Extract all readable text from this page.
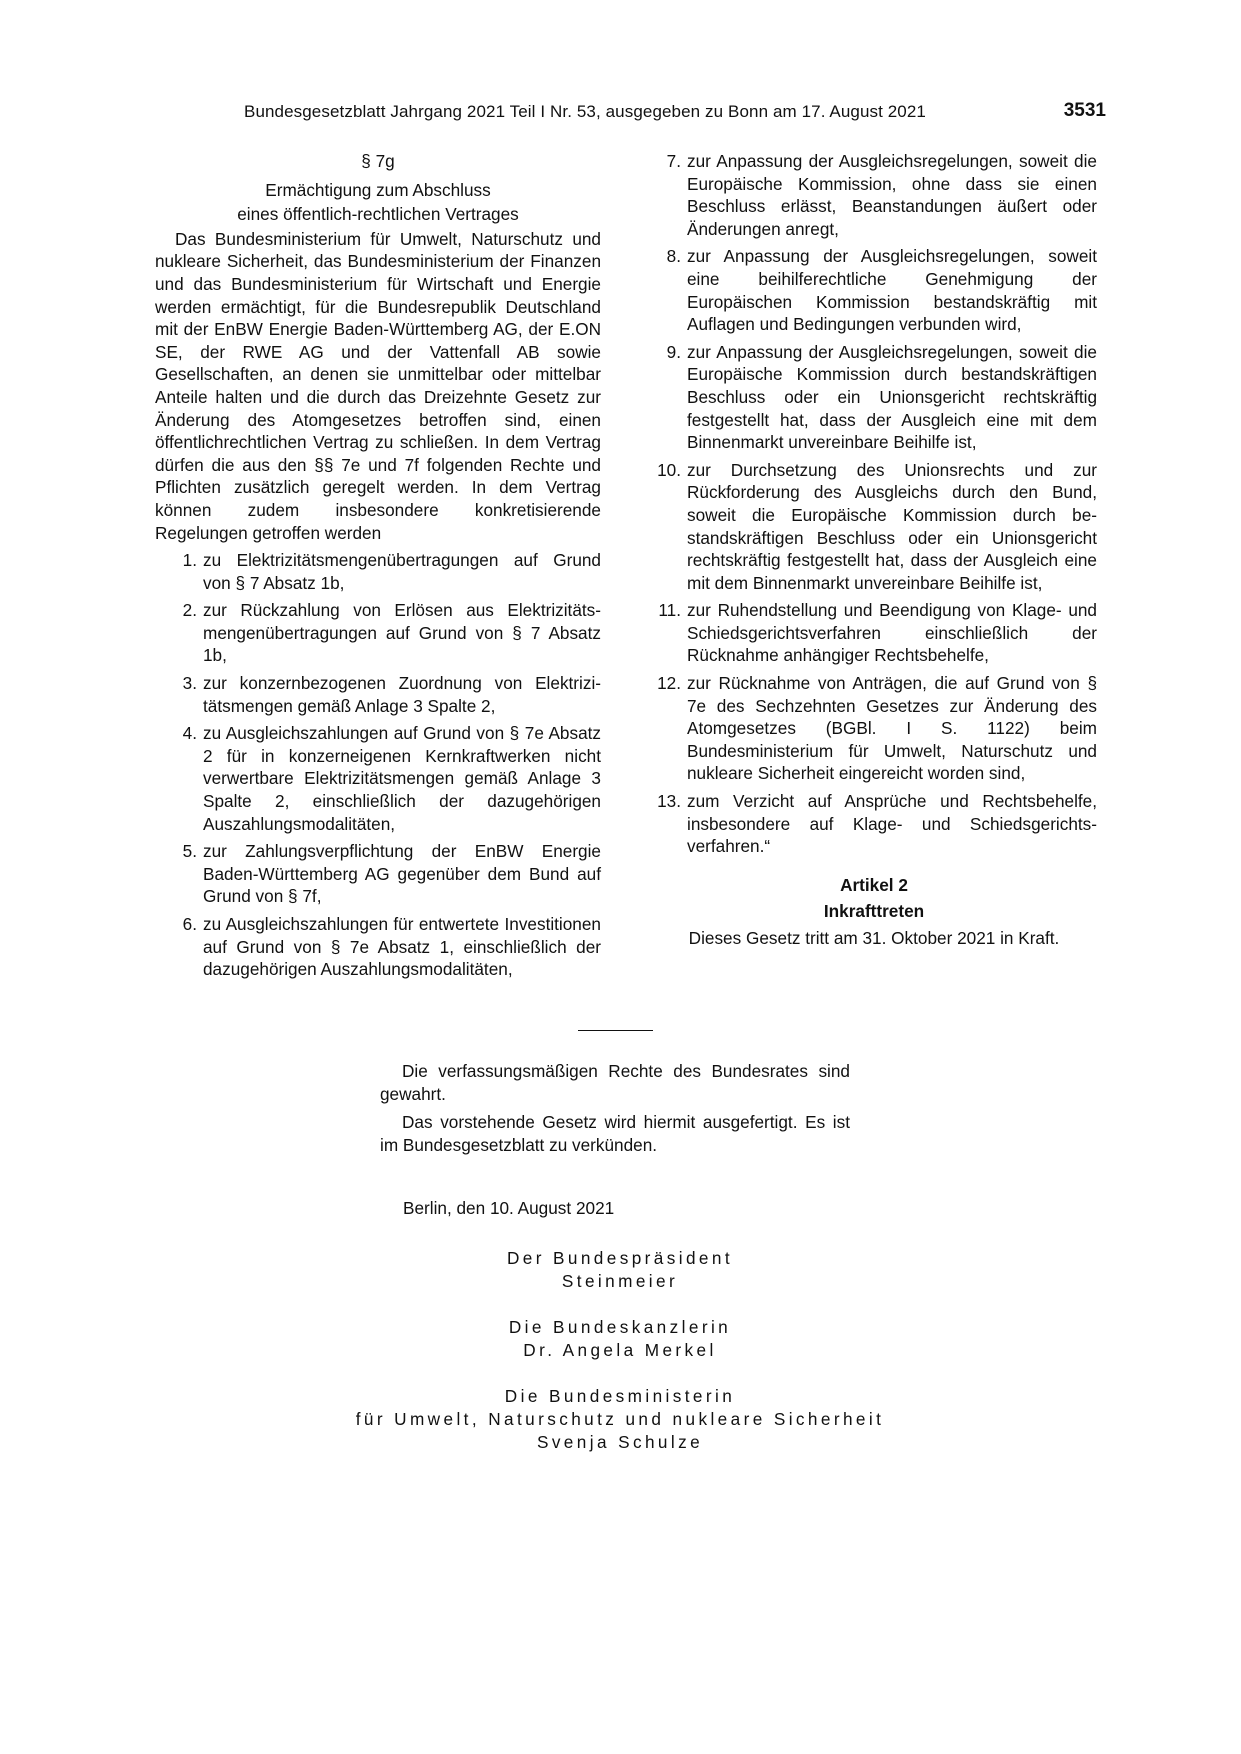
Bundesgesetzblatt Jahrgang 2021 Teil I Nr. 53, ausgegeben zu Bonn am 17. August 2021	3531
§ 7g
Ermächtigung zum Abschluss
eines öffentlich-rechtlichen Vertrages
Das Bundesministerium für Umwelt, Naturschutz und nukleare Sicherheit, das Bundesministerium der Finanzen und das Bundesministerium für Wirtschaft und Energie werden ermächtigt, für die Bundesrepublik Deutschland mit der EnBW Energie Baden-Württemberg AG, der E.ON SE, der RWE AG und der Vattenfall AB sowie Gesellschaften, an denen sie unmittelbar oder mittelbar Anteile halten und die durch das Dreizehnte Gesetz zur Änderung des Atomgesetzes betroffen sind, einen öffentlichrechtlichen Vertrag zu schließen. In dem Vertrag dürfen die aus den §§ 7e und 7f folgenden Rechte und Pflichten zusätzlich geregelt werden. In dem Vertrag können zudem insbesondere konkretisierende Regelungen getroffen werden
1. zu Elektrizitätsmengenübertragungen auf Grund von § 7 Absatz 1b,
2. zur Rückzahlung von Erlösen aus Elektrizitätsmengenübertragungen auf Grund von § 7 Absatz 1b,
3. zur konzernbezogenen Zuordnung von Elektrizitätsmengen gemäß Anlage 3 Spalte 2,
4. zu Ausgleichszahlungen auf Grund von § 7e Absatz 2 für in konzerneigenen Kernkraftwerken nicht verwertbare Elektrizitätsmengen gemäß Anlage 3 Spalte 2, einschließlich der dazugehörigen Auszahlungsmodalitäten,
5. zur Zahlungsverpflichtung der EnBW Energie Baden-Württemberg AG gegenüber dem Bund auf Grund von § 7f,
6. zu Ausgleichszahlungen für entwertete Investitionen auf Grund von § 7e Absatz 1, einschließlich der dazugehörigen Auszahlungsmodalitäten,
7. zur Anpassung der Ausgleichsregelungen, soweit die Europäische Kommission, ohne dass sie einen Beschluss erlässt, Beanstandungen äußert oder Änderungen anregt,
8. zur Anpassung der Ausgleichsregelungen, soweit eine beihilferechtliche Genehmigung der Europäischen Kommission bestandskräftig mit Auflagen und Bedingungen verbunden wird,
9. zur Anpassung der Ausgleichsregelungen, soweit die Europäische Kommission durch bestandskräftigen Beschluss oder ein Unionsgericht rechtskräftig festgestellt hat, dass der Ausgleich eine mit dem Binnenmarkt unvereinbare Beihilfe ist,
10. zur Durchsetzung des Unionsrechts und zur Rückforderung des Ausgleichs durch den Bund, soweit die Europäische Kommission durch bestandskräftigen Beschluss oder ein Unionsgericht rechtskräftig festgestellt hat, dass der Ausgleich eine mit dem Binnenmarkt unvereinbare Beihilfe ist,
11. zur Ruhendstellung und Beendigung von Klage- und Schiedsgerichtsverfahren einschließlich der Rücknahme anhängiger Rechtsbehelfe,
12. zur Rücknahme von Anträgen, die auf Grund von § 7e des Sechzehnten Gesetzes zur Änderung des Atomgesetzes (BGBl. I S. 1122) beim Bundesministerium für Umwelt, Naturschutz und nukleare Sicherheit eingereicht worden sind,
13. zum Verzicht auf Ansprüche und Rechtsbehelfe, insbesondere auf Klage- und Schiedsgerichtsverfahren.“
Artikel 2
Inkrafttreten
Dieses Gesetz tritt am 31. Oktober 2021 in Kraft.

Die verfassungsmäßigen Rechte des Bundesrates sind gewahrt.

Das vorstehende Gesetz wird hiermit ausgefertigt. Es ist im Bundesgesetzblatt zu verkünden.

Berlin, den 10. August 2021
Der Bundespräsident
Steinmeier
Die Bundeskanzlerin
Dr. Angela Merkel
Die Bundesministerin
für Umwelt, Naturschutz und nukleare Sicherheit
Svenja Schulze
